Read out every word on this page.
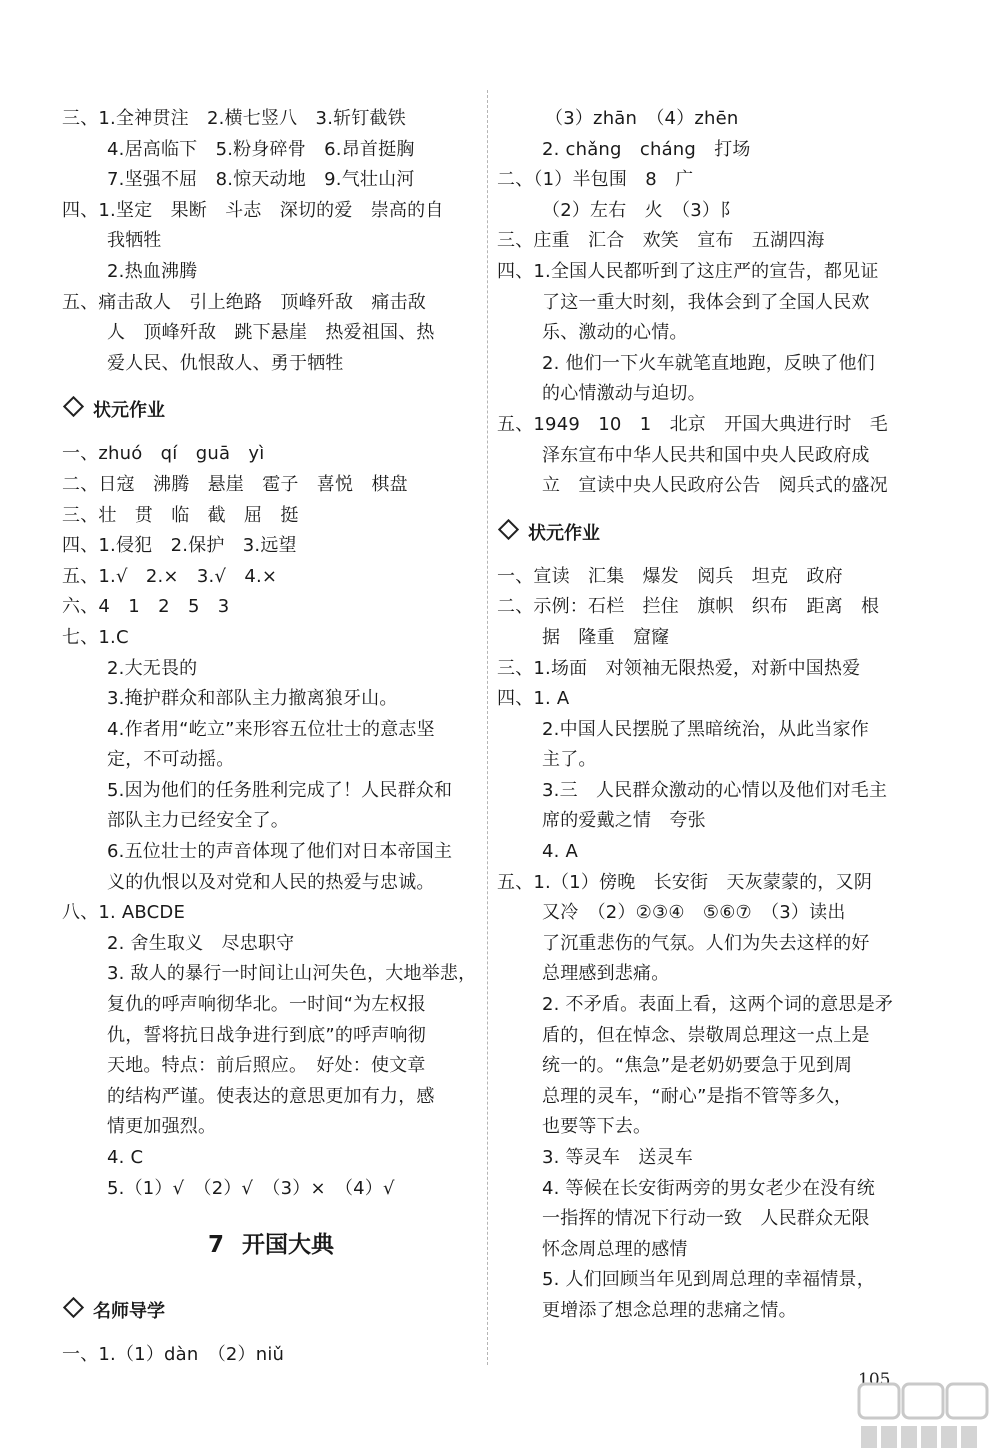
三、1.全神贯注　2.横七竖八　3.斩钉截铁
4.居高临下　5.粉身碎骨　6.昂首挺胸
7.坚强不屈　8.惊天动地　9.气壮山河
四、1.坚定　果断　斗志　深切的爱　崇高的自
我牺牲
2.热血沸腾
五、痛击敌人　引上绝路　顶峰歼敌　痛击敌
人　顶峰歼敌　跳下悬崖　热爱祖国、热
爱人民、仇恨敌人、勇于牺牲
状元作业
一、zhuó　qí　guā　yì
二、日寇　沸腾　悬崖　雹子　喜悦　棋盘
三、壮　贯　临　截　屈　挺
四、1.侵犯　2.保护　3.远望
五、1.√　2.×　3.√　4.×
六、4　1　2　5　3
七、1.C
2.大无畏的
3.掩护群众和部队主力撤离狼牙山。
4.作者用“屹立”来形容五位壮士的意志坚
定，不可动摇。
5.因为他们的任务胜利完成了！人民群众和
部队主力已经安全了。
6.五位壮士的声音体现了他们对日本帝国主
义的仇恨以及对党和人民的热爱与忠诚。
八、1. ABCDE
2. 舍生取义　尽忠职守
3. 敌人的暴行一时间让山河失色，大地举悲，
复仇的呼声响彻华北。一时间“为左权报
仇，誓将抗日战争进行到底”的呼声响彻
天地。特点：前后照应。　好处：使文章
的结构严谨。使表达的意思更加有力，感
情更加强烈。
4. C
5.（1）√　（2）√　（3）×　（4）√
7 开国大典
名师导学
一、1.（1）dàn　（2）niǔ
（3）zhān　（4）zhēn
2. chǎng　cháng　打场
二、（1）半包围　8　广
（2）左右　火　（3）阝
三、庄重　汇合　欢笑　宣布　五湖四海
四、1.全国人民都听到了这庄严的宣告，都见证
了这一重大时刻，我体会到了全国人民欢
乐、激动的心情。
2. 他们一下火车就笔直地跑，反映了他们
的心情激动与迫切。
五、1949　10　1　北京　开国大典进行时　毛
泽东宣布中华人民共和国中央人民政府成
立　宣读中央人民政府公告　阅兵式的盛况
状元作业
一、宣读　汇集　爆发　阅兵　坦克　政府
二、示例：石栏　拦住　旗帜　织布　距离　根
据　隆重　窟窿
三、1.场面　对领袖无限热爱，对新中国热爱
四、1. A
2.中国人民摆脱了黑暗统治，从此当家作
主了。
3.三　人民群众激动的心情以及他们对毛主
席的爱戴之情　夸张
4. A
五、1.（1）傍晚　长安街　天灰蒙蒙的，又阴
又冷　（2）②③④　⑤⑥⑦　（3）读出
了沉重悲伤的气氛。人们为失去这样的好
总理感到悲痛。
2. 不矛盾。表面上看，这两个词的意思是矛
盾的，但在悼念、崇敬周总理这一点上是
统一的。“焦急”是老奶奶要急于见到周
总理的灵车，“耐心”是指不管等多久，
也要等下去。
3. 等灵车　送灵车
4. 等候在长安街两旁的男女老少在没有统
一指挥的情况下行动一致　人民群众无限
怀念周总理的感情
5. 人们回顾当年见到周总理的幸福情景，
更增添了想念总理的悲痛之情。
105
